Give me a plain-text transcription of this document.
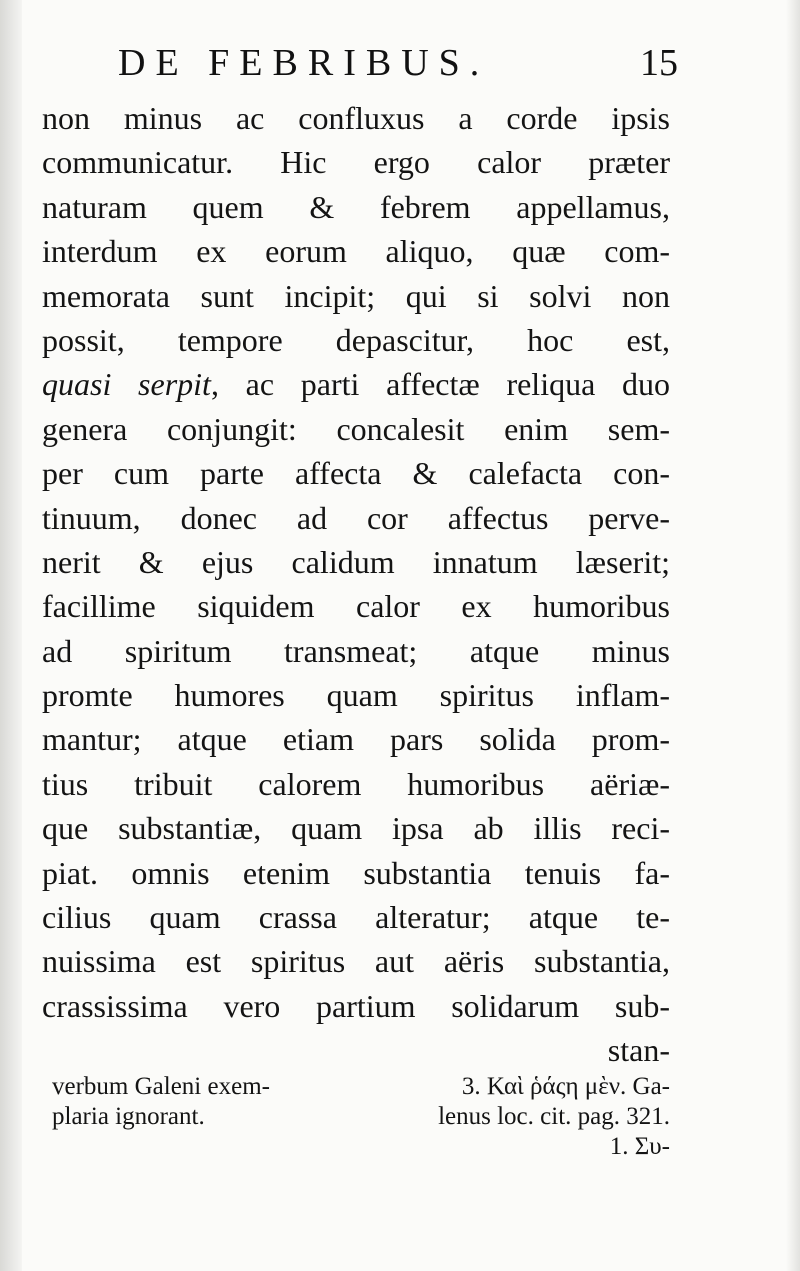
DE FEBRIBUS.	15
non minus ac confluxus a corde ipsis
communicatur. Hic ergo calor præter
naturam quem & febrem appellamus,
interdum ex eorum aliquo, quæ com-
memorata sunt incipit; qui si solvi non
possit, tempore depascitur, hoc est,
quasi serpit, ac parti affectæ reliqua duo
genera conjungit: concalesit enim sem-
per cum parte affecta & calefacta con-
tinuum, donec ad cor affectus perve-
nerit & ejus calidum innatum læserit;
facillime siquidem calor ex humoribus
ad spiritum transmeat; atque minus
promte humores quam spiritus inflam-
mantur; atque etiam pars solida prom-
tius tribuit calorem humoribus aëriæ-
que substantiæ, quam ipsa ab illis reci-
piat. omnis etenim substantia tenuis fa-
cilius quam crassa alteratur; atque te-
nuissima est spiritus aut aëris substantia,
crassissima vero partium solidarum sub-
stan-
verbum Galeni exem-
plaria ignorant.
3. Καὶ ῥάςη μὲν. Ga-
lenus loc. cit. pag. 321.
1. Συ-
